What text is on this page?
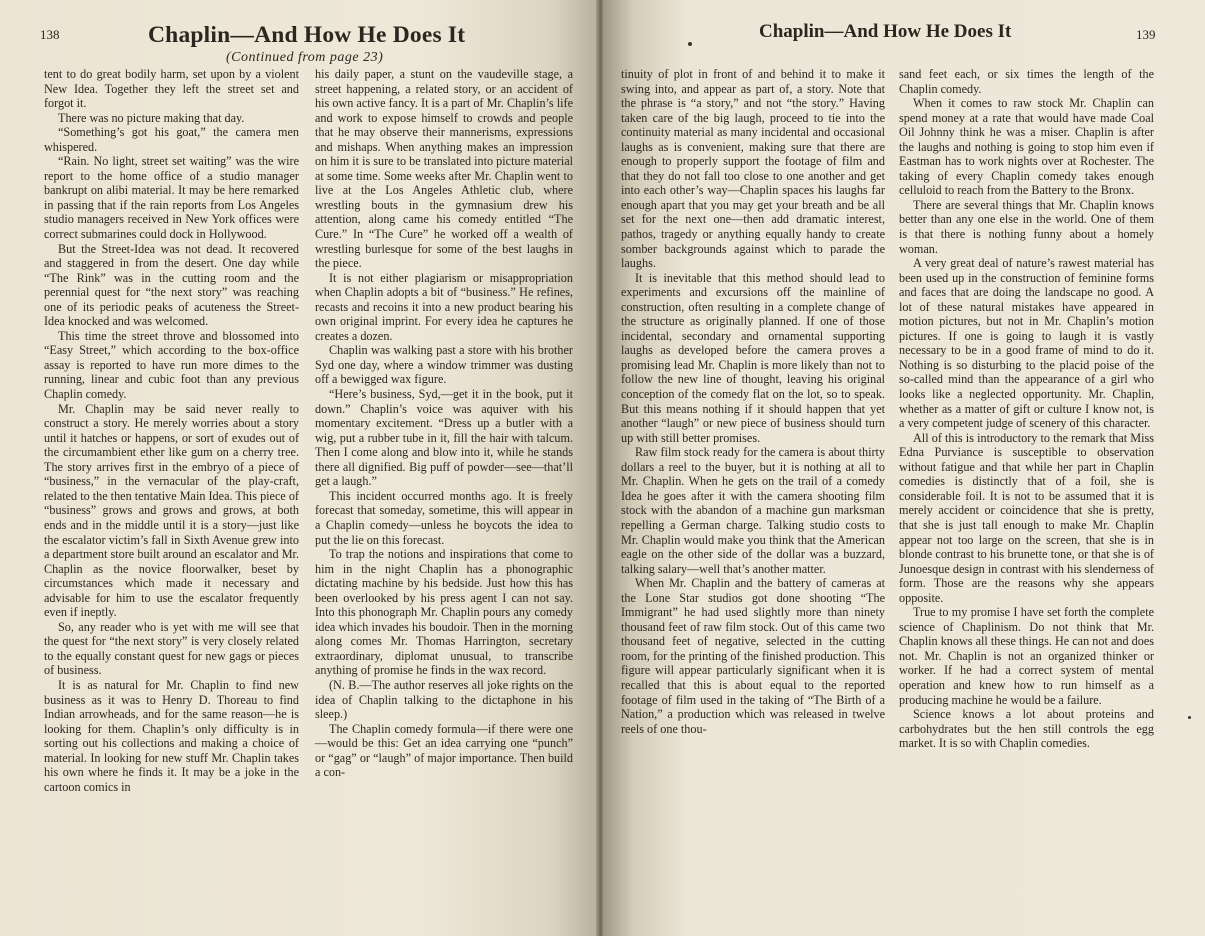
138	Chaplin—And How He Does It
(Continued from page 23)

tent to do great bodily harm, set upon by a violent New Idea. Together they left the street set and forgot it.

There was no picture making that day.

“Something’s got his goat,” the camera men whispered.

“Rain. No light, street set waiting” was the wire report to the home office of a studio manager bankrupt on alibi material. It may be here remarked in passing that if the rain reports from Los Angeles studio managers received in New York offices were correct submarines could dock in Hollywood.

But the Street-Idea was not dead. It recovered and staggered in from the desert. One day while “The Rink” was in the cutting room and the perennial quest for “the next story” was reaching one of its periodic peaks of acuteness the Street-Idea knocked and was welcomed.

This time the street throve and blossomed into “Easy Street,” which according to the box-office assay is reported to have run more dimes to the running, linear and cubic foot than any previous Chaplin comedy.

Mr. Chaplin may be said never really to construct a story. He merely worries about a story until it hatches or happens, or sort of exudes out of the circumambient ether like gum on a cherry tree. The story arrives first in the embryo of a piece of “business,” in the vernacular of the play-craft, related to the then tentative Main Idea. This piece of “business” grows and grows and grows, at both ends and in the middle until it is a story—just like the escalator victim’s fall in Sixth Avenue grew into a department store built around an escalator and Mr. Chaplin as the novice floorwalker, beset by circumstances which made it necessary and advisable for him to use the escalator frequently even if ineptly.

So, any reader who is yet with me will see that the quest for “the next story” is very closely related to the equally constant quest for new gags or pieces of business.

It is as natural for Mr. Chaplin to find new business as it was to Henry D. Thoreau to find Indian arrowheads, and for the same reason—he is looking for them. Chaplin’s only difficulty is in sorting out his collections and making a choice of material. In looking for new stuff Mr. Chaplin takes his own where he finds it. It may be a joke in the cartoon comics in

his daily paper, a stunt on the vaudeville stage, a street happening, a related story, or an accident of his own active fancy. It is a part of Mr. Chaplin’s life and work to expose himself to crowds and people that he may observe their mannerisms, expressions and mishaps. When anything makes an impression on him it is sure to be translated into picture material at some time. Some weeks after Mr. Chaplin went to live at the Los Angeles Athletic club, where wrestling bouts in the gymnasium drew his attention, along came his comedy entitled “The Cure.” In “The Cure” he worked off a wealth of wrestling burlesque for some of the best laughs in the piece.

It is not either plagiarism or misappropriation when Chaplin adopts a bit of “business.” He refines, recasts and recoins it into a new product bearing his own original imprint. For every idea he captures he creates a dozen.

Chaplin was walking past a store with his brother Syd one day, where a window trimmer was dusting off a bewigged wax figure.

“Here’s business, Syd,—get it in the book, put it down.” Chaplin’s voice was aquiver with his momentary excitement. “Dress up a butler with a wig, put a rubber tube in it, fill the hair with talcum. Then I come along and blow into it, while he stands there all dignified. Big puff of powder—see—that’ll get a laugh.”

This incident occurred months ago. It is freely forecast that someday, sometime, this will appear in a Chaplin comedy—unless he boycots the idea to put the lie on this forecast.

To trap the notions and inspirations that come to him in the night Chaplin has a phonographic dictating machine by his bedside. Just how this has been overlooked by his press agent I can not say. Into this phonograph Mr. Chaplin pours any comedy idea which invades his boudoir. Then in the morning along comes Mr. Thomas Harrington, secretary extraordinary, diplomat unusual, to transcribe anything of promise he finds in the wax record.

(N. B.—The author reserves all joke rights on the idea of Chaplin talking to the dictaphone in his sleep.)

The Chaplin comedy formula—if there were one—would be this: Get an idea carrying one “punch” or “gag” or “laugh” of major importance. Then build a con-

139
Chaplin—And How He Does It

tinuity of plot in front of and behind it to make it swing into, and appear as part of, a story. Note that the phrase is “a story,” and not “the story.” Having taken care of the big laugh, proceed to tie into the continuity material as many incidental and occasional laughs as is convenient, making sure that there are enough to properly support the footage of film and that they do not fall too close to one another and get into each other’s way—Chaplin spaces his laughs far enough apart that you may get your breath and be all set for the next one—then add dramatic interest, pathos, tragedy or anything equally handy to create somber backgrounds against which to parade the laughs.

It is inevitable that this method should lead to experiments and excursions off the mainline of construction, often resulting in a complete change of the structure as originally planned. If one of those incidental, secondary and ornamental supporting laughs as developed before the camera proves a promising lead Mr. Chaplin is more likely than not to follow the new line of thought, leaving his original conception of the comedy flat on the lot, so to speak. But this means nothing if it should happen that yet another “laugh” or new piece of business should turn up with still better promises.

Raw film stock ready for the camera is about thirty dollars a reel to the buyer, but it is nothing at all to Mr. Chaplin. When he gets on the trail of a comedy Idea he goes after it with the camera shooting film stock with the abandon of a machine gun marksman repelling a German charge. Talking studio costs to Mr. Chaplin would make you think that the American eagle on the other side of the dollar was a buzzard, talking salary—well that’s another matter.

When Mr. Chaplin and the battery of cameras at the Lone Star studios got done shooting “The Immigrant” he had used slightly more than ninety thousand feet of raw film stock. Out of this came two thousand feet of negative, selected in the cutting room, for the printing of the finished production. This figure will appear particularly significant when it is recalled that this is about equal to the reported footage of film used in the taking of “The Birth of a Nation,” a production which was released in twelve reels of one thou-

sand feet each, or six times the length of the Chaplin comedy.

When it comes to raw stock Mr. Chaplin can spend money at a rate that would have made Coal Oil Johnny think he was a miser. Chaplin is after the laughs and nothing is going to stop him even if Eastman has to work nights over at Rochester. The taking of every Chaplin comedy takes enough celluloid to reach from the Battery to the Bronx.

There are several things that Mr. Chaplin knows better than any one else in the world. One of them is that there is nothing funny about a homely woman.

A very great deal of nature’s rawest material has been used up in the construction of feminine forms and faces that are doing the landscape no good. A lot of these natural mistakes have appeared in motion pictures, but not in Mr. Chaplin’s motion pictures. If one is going to laugh it is vastly necessary to be in a good frame of mind to do it. Nothing is so disturbing to the placid poise of the so-called mind than the appearance of a girl who looks like a neglected opportunity. Mr. Chaplin, whether as a matter of gift or culture I know not, is a very competent judge of scenery of this character.

All of this is introductory to the remark that Miss Edna Purviance is susceptible to observation without fatigue and that while her part in Chaplin comedies is distinctly that of a foil, she is considerable foil. It is not to be assumed that it is merely accident or coincidence that she is pretty, that she is just tall enough to make Mr. Chaplin appear not too large on the screen, that she is in blonde contrast to his brunette tone, or that she is of Junoesque design in contrast with his slenderness of form. Those are the reasons why she appears opposite.

True to my promise I have set forth the complete science of Chaplinism. Do not think that Mr. Chaplin knows all these things. He can not and does not. Mr. Chaplin is not an organized thinker or worker. If he had a correct system of mental operation and knew how to run himself as a producing machine he would be a failure.

Science knows a lot about proteins and carbohydrates but the hen still controls the egg market. It is so with Chaplin comedies.
